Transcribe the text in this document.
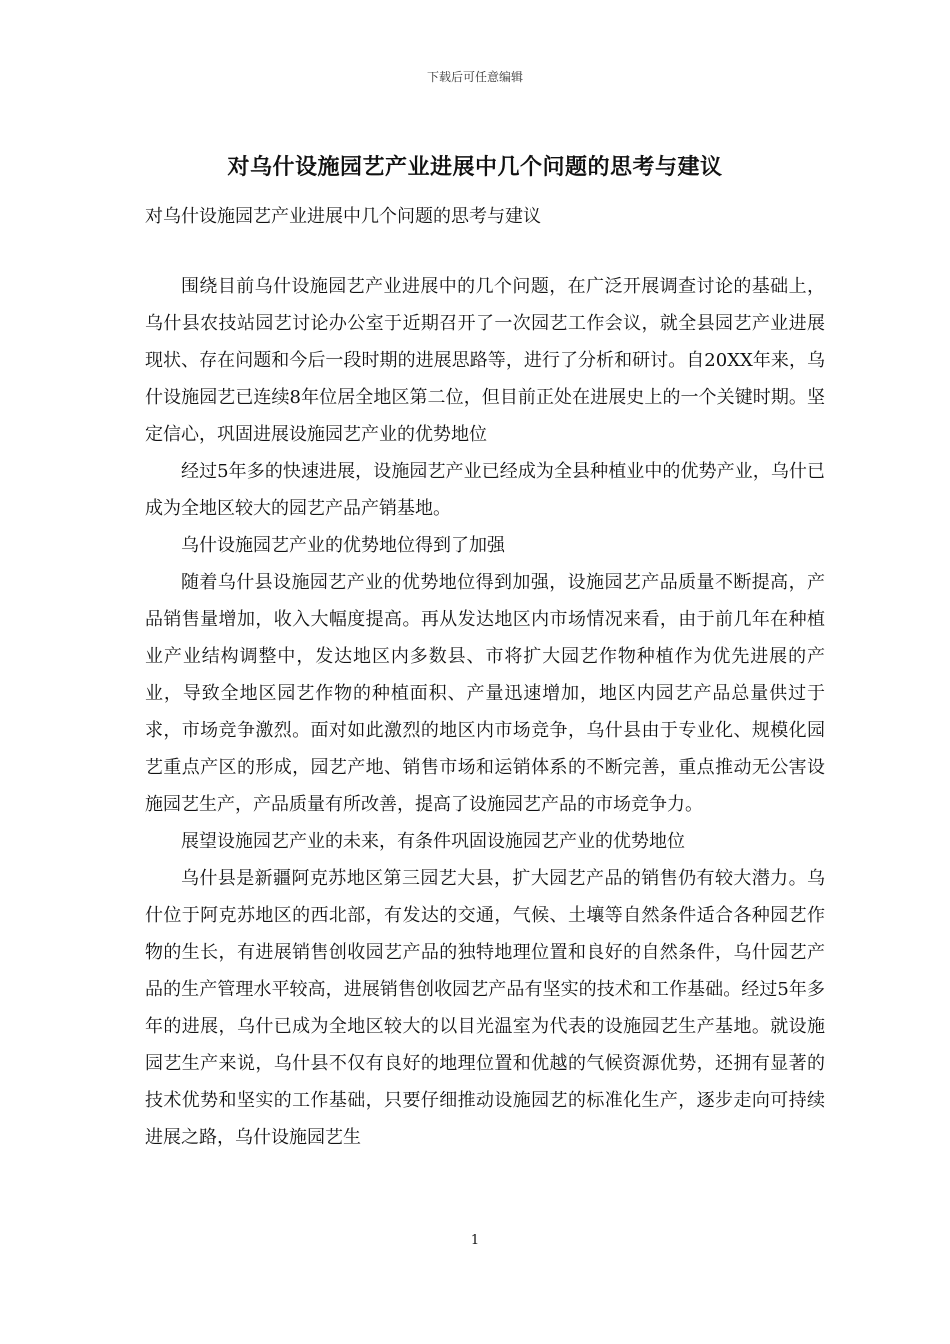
下载后可任意编辑
对乌什设施园艺产业进展中几个问题的思考与建议
对乌什设施园艺产业进展中几个问题的思考与建议

围绕目前乌什设施园艺产业进展中的几个问题，在广泛开展调查讨论的基础上，乌什县农技站园艺讨论办公室于近期召开了一次园艺工作会议，就全县园艺产业进展现状、存在问题和今后一段时期的进展思路等，进行了分析和研讨。自20XX年来，乌什设施园艺已连续8年位居全地区第二位，但目前正处在进展史上的一个关键时期。坚定信心，巩固进展设施园艺产业的优势地位

经过5年多的快速进展，设施园艺产业已经成为全县种植业中的优势产业，乌什已成为全地区较大的园艺产品产销基地。

乌什设施园艺产业的优势地位得到了加强

随着乌什县设施园艺产业的优势地位得到加强，设施园艺产品质量不断提高，产品销售量增加，收入大幅度提高。再从发达地区内市场情况来看，由于前几年在种植业产业结构调整中，发达地区内多数县、市将扩大园艺作物种植作为优先进展的产业，导致全地区园艺作物的种植面积、产量迅速增加，地区内园艺产品总量供过于求，市场竞争激烈。面对如此激烈的地区内市场竞争，乌什县由于专业化、规模化园艺重点产区的形成，园艺产地、销售市场和运销体系的不断完善，重点推动无公害设施园艺生产，产品质量有所改善，提高了设施园艺产品的市场竞争力。

展望设施园艺产业的未来，有条件巩固设施园艺产业的优势地位

乌什县是新疆阿克苏地区第三园艺大县，扩大园艺产品的销售仍有较大潜力。乌什位于阿克苏地区的西北部，有发达的交通，气候、土壤等自然条件适合各种园艺作物的生长，有进展销售创收园艺产品的独特地理位置和良好的自然条件，乌什园艺产品的生产管理水平较高，进展销售创收园艺产品有坚实的技术和工作基础。经过5年多年的进展，乌什已成为全地区较大的以目光温室为代表的设施园艺生产基地。就设施园艺生产来说，乌什县不仅有良好的地理位置和优越的气候资源优势，还拥有显著的技术优势和坚实的工作基础，只要仔细推动设施园艺的标准化生产，逐步走向可持续进展之路，乌什设施园艺生

1
